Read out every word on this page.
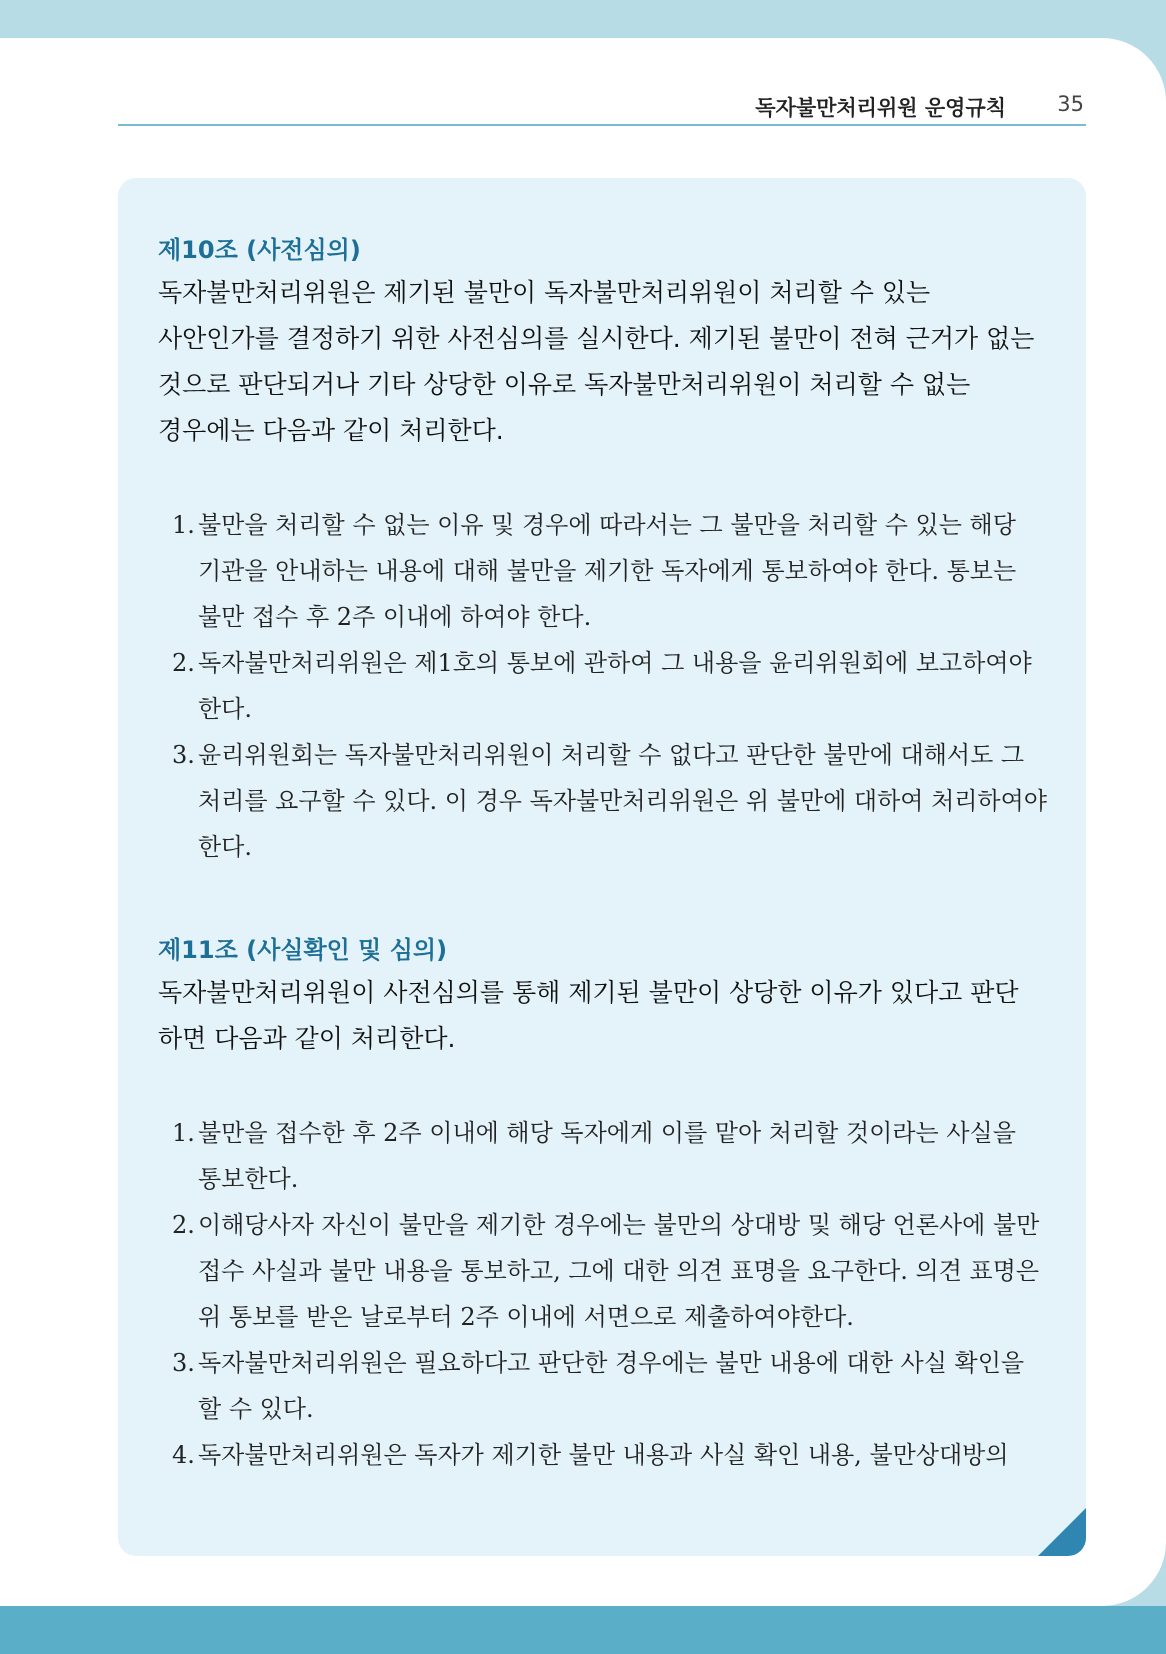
독자불만처리위원 운영규칙 35
제10조 (사전심의)

독자불만처리위원은 제기된 불만이 독자불만처리위원이 처리할 수 있는 사안인가를 결정하기 위한 사전심의를 실시한다. 제기된 불만이 전혀 근거가 없는 것으로 판단되거나 기타 상당한 이유로 독자불만처리위원이 처리할 수 없는 경우에는 다음과 같이 처리한다.

1. 불만을 처리할 수 없는 이유 및 경우에 따라서는 그 불만을 처리할 수 있는 해당 기관을 안내하는 내용에 대해 불만을 제기한 독자에게 통보하여야 한다. 통보는 불만 접수 후 2주 이내에 하여야 한다.
2. 독자불만처리위원은 제1호의 통보에 관하여 그 내용을 윤리위원회에 보고하여야 한다.
3. 윤리위원회는 독자불만처리위원이 처리할 수 없다고 판단한 불만에 대해서도 그 처리를 요구할 수 있다. 이 경우 독자불만처리위원은 위 불만에 대하여 처리하여야 한다.
제11조 (사실확인 및 심의)

독자불만처리위원이 사전심의를 통해 제기된 불만이 상당한 이유가 있다고 판단 하면 다음과 같이 처리한다.

1. 불만을 접수한 후 2주 이내에 해당 독자에게 이를 맡아 처리할 것이라는 사실을 통보한다.
2. 이해당사자 자신이 불만을 제기한 경우에는 불만의 상대방 및 해당 언론사에 불만 접수 사실과 불만 내용을 통보하고, 그에 대한 의견 표명을 요구한다. 의견 표명은 위 통보를 받은 날로부터 2주 이내에 서면으로 제출하여야한다.
3. 독자불만처리위원은 필요하다고 판단한 경우에는 불만 내용에 대한 사실 확인을 할 수 있다.
4. 독자불만처리위원은 독자가 제기한 불만 내용과 사실 확인 내용, 불만상대방의
